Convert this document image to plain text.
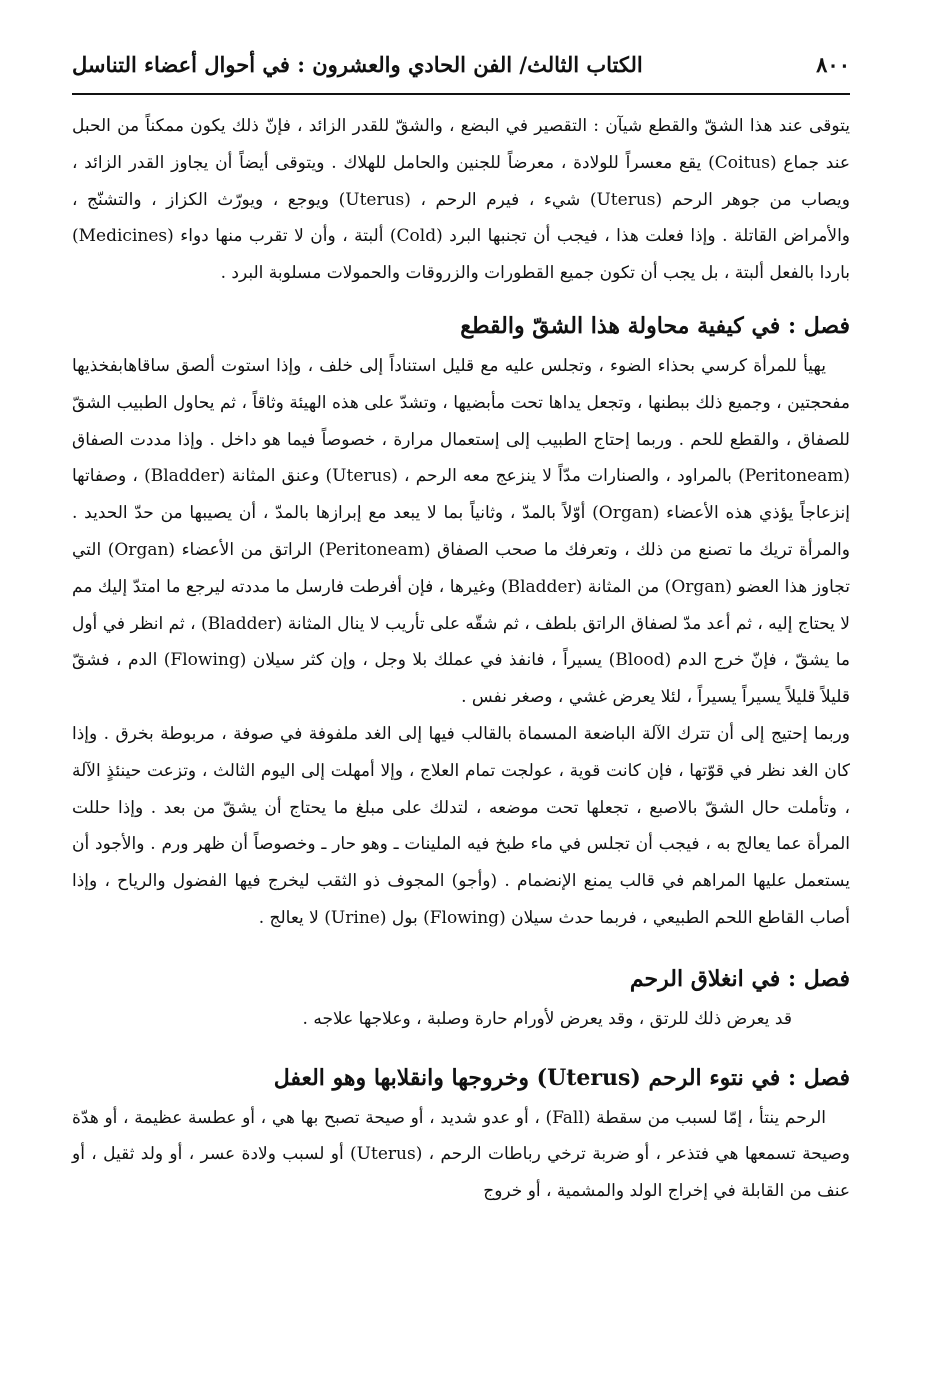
الكتاب الثالث/ الفن الحادي والعشرون : في أحوال أعضاء التناسل	٨٠٠

يتوقى عند هذا الشقّ والقطع شيآن : التقصير في البضع ، والشقّ للقدر الزائد ، فإنّ ذلك يكون ممكناً من الحبل عند جماع (Coitus) يقع معسراً للولادة ، معرضاً للجنين والحامل للهلاك . ويتوقى أيضاً أن يجاوز القدر الزائد ، ويصاب من جوهر الرحم (Uterus) شيء ، فيرم الرحم ، (Uterus) ويوجع ، ويورّث الكزاز ، والتشنّج ، والأمراض القاتلة . وإذا فعلت هذا ، فيجب أن تجنبها البرد (Cold) ألبتة ، وأن لا تقرب منها دواء (Medicines) باردا بالفعل ألبتة ، بل يجب أن تكون جميع القطورات والزروقات والحمولات مسلوبة البرد .

فصل : في كيفية محاولة هذا الشقّ والقطع

يهيأ للمرأة كرسي بحذاء الضوء ، وتجلس عليه مع قليل استناداً إلى خلف ، وإذا استوت ألصق ساقاهابفخذيها مفحجتين ، وجميع ذلك ببطنها ، وتجعل يداها تحت مأبضيها ، وتشدّ على هذه الهيئة وثاقاً ، ثم يحاول الطبيب الشقّ للصفاق ، والقطع للحم . وربما إحتاج الطبيب إلى إستعمال مرارة ، خصوصاً فيما هو داخل . وإذا مددت الصفاق (Peritoneam) بالمراود ، والصنارات مدّاً لا ينزعج معه الرحم ، (Uterus) وعنق المثانة (Bladder) ، وصفاتها إنزعاجاً يؤذي هذه الأعضاء (Organ) أوّلاً بالمدّ ، وثانياً بما لا يبعد مع إبرازها بالمدّ ، أن يصيبها من حدّ الحديد . والمرأة تريك ما تصنع من ذلك ، وتعرفك ما صحب الصفاق (Peritoneam) الراتق من الأعضاء (Organ) التي تجاوز هذا العضو (Organ) من المثانة (Bladder) وغيرها ، فإن أفرطت فارسل ما مددته ليرجع ما امتدّ إليك مم لا يحتاج إليه ، ثم أعد مدّ لصفاق الراتق بلطف ، ثم شقّه على تأريب لا ينال المثانة (Bladder) ، ثم انظر في أول ما يشقّ ، فإنّ خرج الدم (Blood) يسيراً ، فانفذ في عملك بلا وجل ، وإن كثر سيلان (Flowing) الدم ، فشقّ قليلاً قليلاً يسيراً يسيراً ، لئلا يعرض غشي ، وصغر نفس .

وربما إحتيج إلى أن تترك الآلة الباضعة المسماة بالقالب فيها إلى الغد ملفوفة في صوفة ، مربوطة بخرق . وإذا كان الغد نظر في قوّتها ، فإن كانت قوية ، عولجت تمام العلاج ، وإلا أمهلت إلى اليوم الثالث ، وتزعت حينئذٍ الآلة ، وتأملت حال الشقّ بالاصبع ، تجعلها تحت موضعه ، لتدلك على مبلغ ما يحتاج أن يشقّ من بعد . وإذا حللت المرأة عما يعالج به ، فيجب أن تجلس في ماء طبخ فيه الملينات ـ وهو حار ـ وخصوصاً أن ظهر ورم . والأجود أن يستعمل عليها المراهم في قالب يمنع الإنضمام . (وأجو) المجوف ذو الثقب ليخرج فيها الفضول والرياح ، وإذا أصاب القاطع اللحم الطبيعي ، فربما حدث سيلان (Flowing) بول (Urine) لا يعالج .

فصل : في انغلاق الرحم

قد يعرض ذلك للرتق ، وقد يعرض لأورام حارة وصلبة ، وعلاجها علاجه .

فصل : في نتوء الرحم (Uterus) وخروجها وانقلابها وهو العفل

الرحم ينتأ ، إمّا لسبب من سقطة (Fall) ، أو عدو شديد ، أو صيحة تصبح بها هي ، أو عطسة عظيمة ، أو هدّة وصيحة تسمعها هي فتذعر ، أو ضربة ترخي رباطات الرحم ، (Uterus) أو لسبب ولادة عسر ، أو ولد ثقيل ، أو عنف من القابلة في إخراج الولد والمشمية ، أو خروج
